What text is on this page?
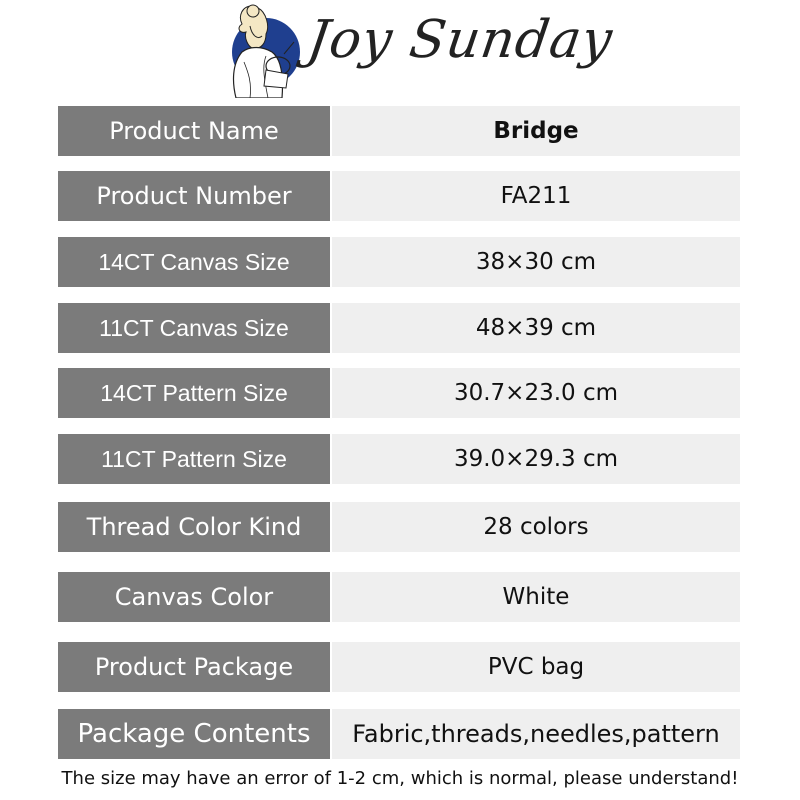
Joy Sunday
Product Name	Bridge
Product Number	FA211
14CT Canvas Size	38×30 cm
11CT Canvas Size	48×39 cm
14CT Pattern Size	30.7×23.0 cm
11CT Pattern Size	39.0×29.3 cm
Thread Color Kind	28 colors
Canvas Color	White
Product Package	PVC bag
Package Contents	Fabric,threads,needles,pattern
The size may have an error of 1-2 cm, which is normal, please understand!
